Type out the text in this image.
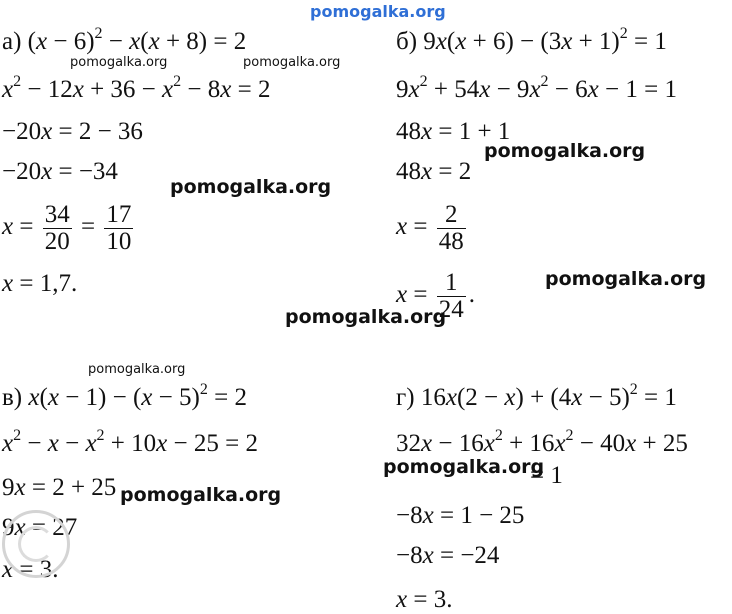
pomogalka.org
pomogalka.org	pomogalka.org
pomogalka.org
pomogalka.org
pomogalka.org
pomogalka.org
pomogalka.org
pomogalka.org
pomogalka.org
а) $(x - 6)^2 - x(x + 8) = 2$
$x^2 - 12x + 36 - x^2 - 8x = 2$
−20x = 2 − 36
−20x = −34
$x = \frac{34}{20} = \frac{17}{10}$
x = 1,7.
б) $9x(x + 6) - (3x + 1)^2 = 1$
$9x^2 + 54x - 9x^2 - 6x - 1 = 1$
48x = 1 + 1
48x = 2
$x = \frac{2}{48}$
$x = \frac{1}{24}$ .
в) $x(x - 1) - (x - 5)^2 = 2$
$x^2 - x - x^2 + 10x - 25 = 2$
9x = 2 + 25
9x = 27
x = 3.
г) $16x(2 - x) + (4x - 5)^2 = 1$
$32x - 16x^2 + 16x^2 - 40x + 25$
= 1
−8x = 1 − 25
−8x = −24
x = 3.
